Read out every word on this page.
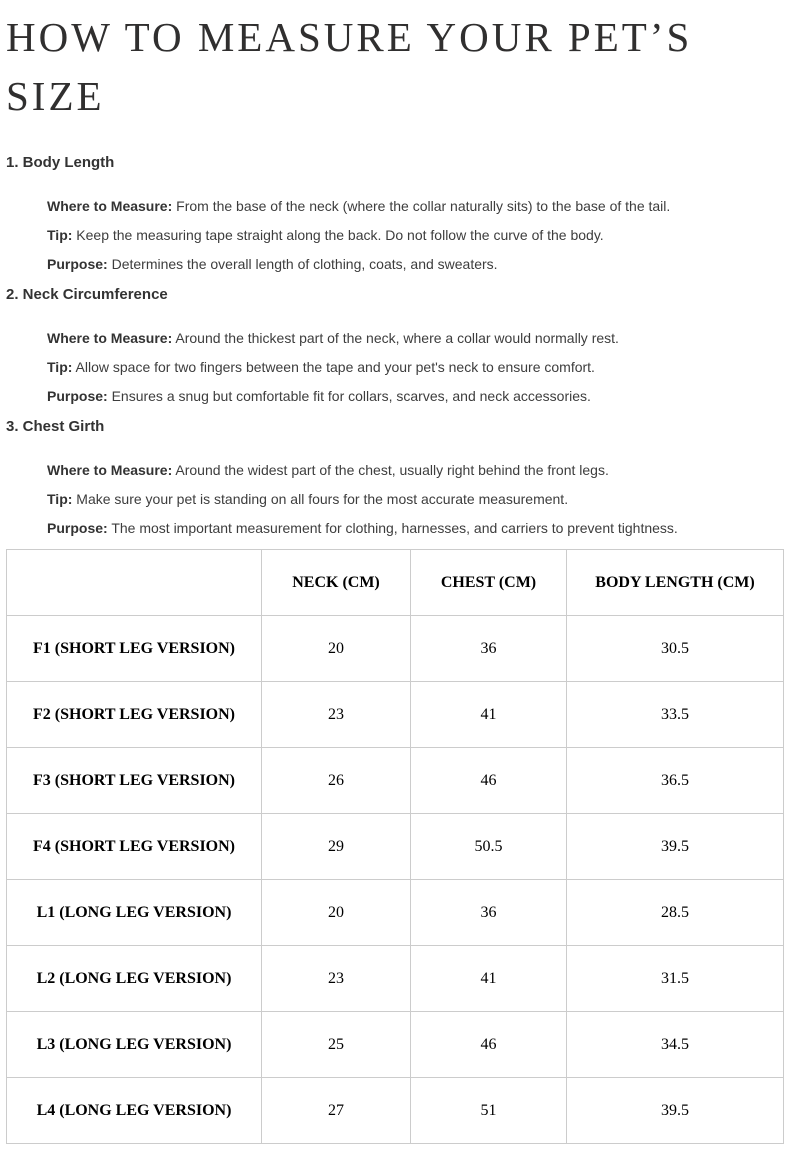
HOW TO MEASURE YOUR PET’S SIZE
1. Body Length

Where to Measure: From the base of the neck (where the collar naturally sits) to the base of the tail.

Tip: Keep the measuring tape straight along the back. Do not follow the curve of the body.

Purpose: Determines the overall length of clothing, coats, and sweaters.

2. Neck Circumference

Where to Measure: Around the thickest part of the neck, where a collar would normally rest.

Tip: Allow space for two fingers between the tape and your pet's neck to ensure comfort.

Purpose: Ensures a snug but comfortable fit for collars, scarves, and neck accessories.

3. Chest Girth

Where to Measure: Around the widest part of the chest, usually right behind the front legs.

Tip: Make sure your pet is standing on all fours for the most accurate measurement.

Purpose: The most important measurement for clothing, harnesses, and carriers to prevent tightness.

	NECK (CM)	CHEST (CM)	BODY LENGTH (CM)
F1 (SHORT LEG VERSION)	20	36	30.5
F2 (SHORT LEG VERSION)	23	41	33.5
F3 (SHORT LEG VERSION)	26	46	36.5
F4 (SHORT LEG VERSION)	29	50.5	39.5
L1 (LONG LEG VERSION)	20	36	28.5
L2 (LONG LEG VERSION)	23	41	31.5
L3 (LONG LEG VERSION)	25	46	34.5
L4 (LONG LEG VERSION)	27	51	39.5
